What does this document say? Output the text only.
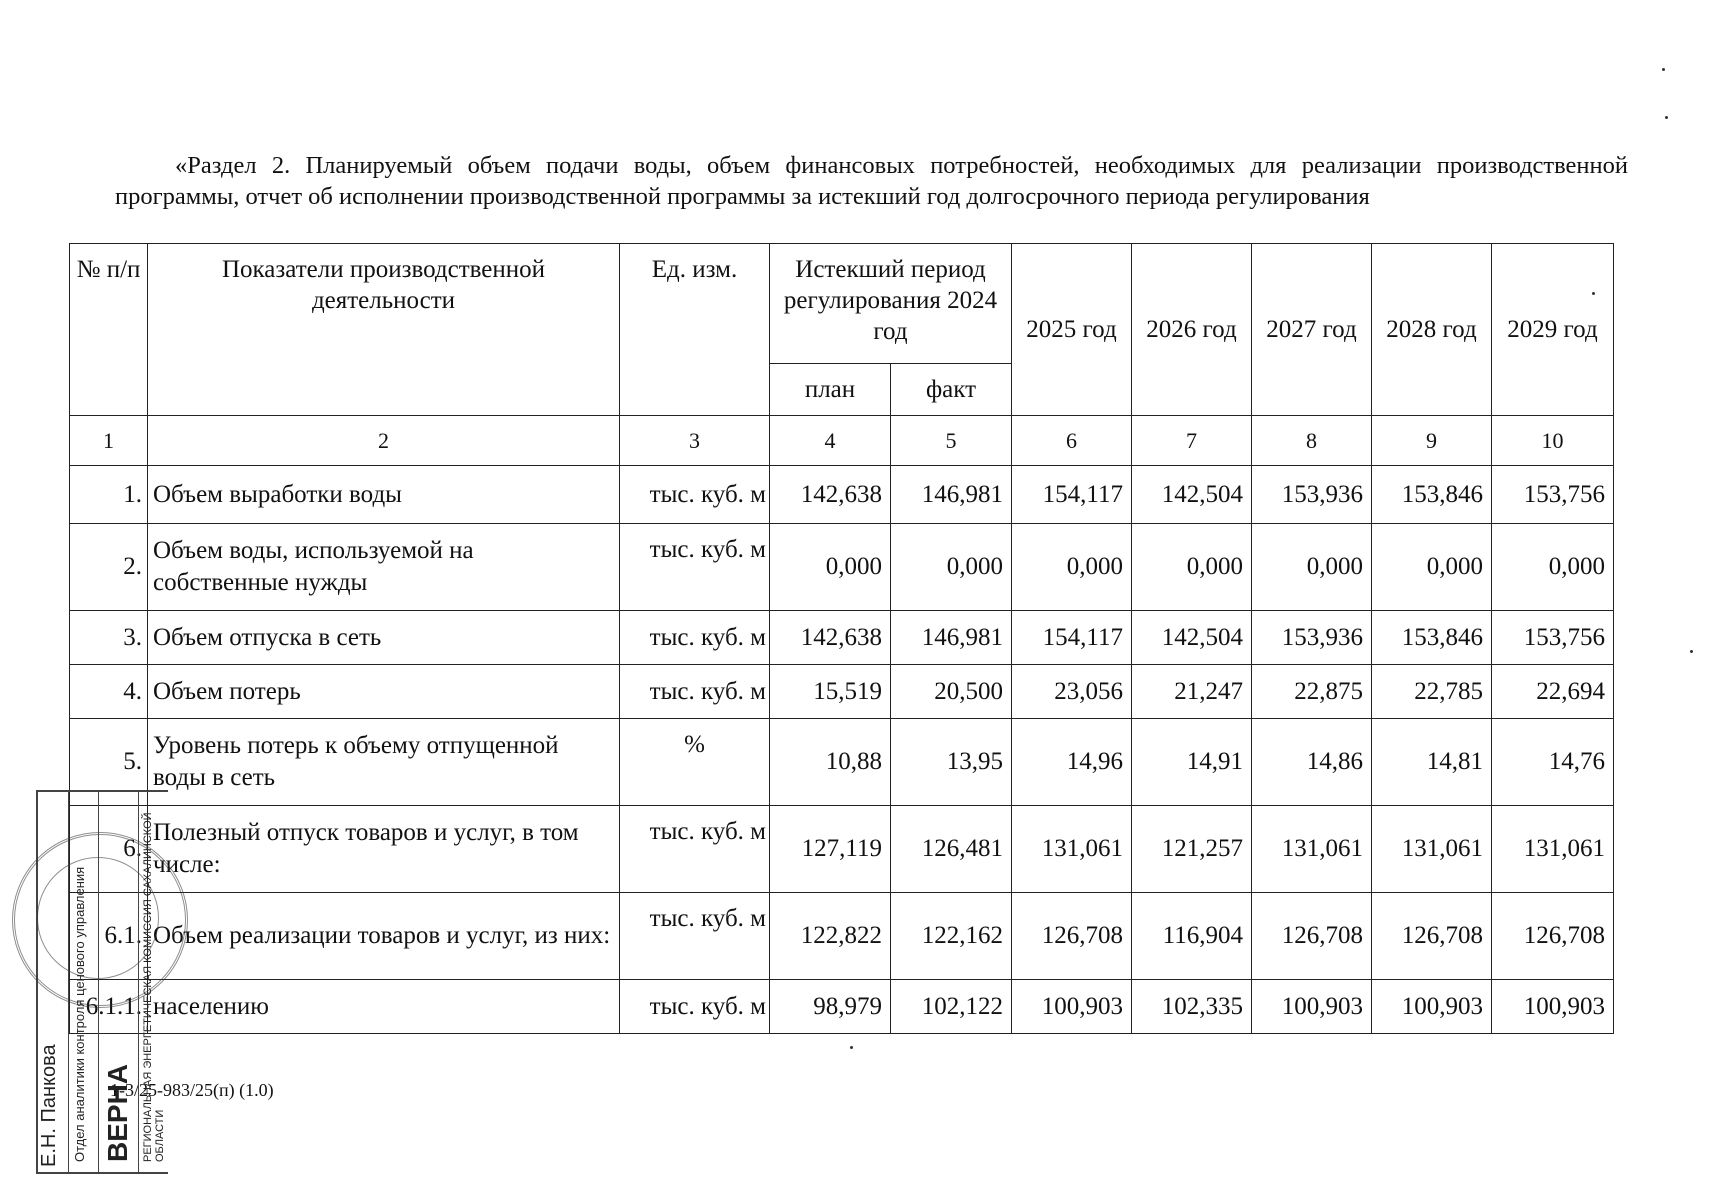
«Раздел 2. Планируемый объем подачи воды, объем финансовых потребностей, необходимых для реализации производственной программы, отчет об исполнении производственной программы за истекший год долгосрочного периода регулирования
№ п/п	Показатели производственной деятельности	Ед. изм.	Истекший период регулирования 2024 год		2025 год	2026 год	2027 год	2028 год	2029 год
			план	факт					
1	2	3	4	5	6	7	8	9	10
1.	Объем выработки воды	тыс. куб. м	142,638	146,981	154,117	142,504	153,936	153,846	153,756
2.	Объем воды, используемой на собственные нужды	тыс. куб. м	0,000	0,000	0,000	0,000	0,000	0,000	0,000
3.	Объем отпуска в сеть	тыс. куб. м	142,638	146,981	154,117	142,504	153,936	153,846	153,756
4.	Объем потерь	тыс. куб. м	15,519	20,500	23,056	21,247	22,875	22,785	22,694
5.	Уровень потерь к объему отпущенной воды в сеть	%	10,88	13,95	14,96	14,91	14,86	14,81	14,76
6.	Полезный отпуск товаров и услуг, в том числе:	тыс. куб. м	127,119	126,481	131,061	121,257	131,061	131,061	131,061
6.1.	Объем реализации товаров и услуг, из них:	тыс. куб. м	122,822	122,162	126,708	116,904	126,708	126,708	126,708
6.1.1.	населению	тыс. куб. м	98,979	102,122	100,903	102,335	100,903	100,903	100,903
1-3/25-983/25(п) (1.0)
Е.Н. Панкова Отдел аналитики контроля ценового управления ВЕРНА РЕГИОНАЛЬНАЯ ЭНЕРГЕТИЧЕСКАЯ КОМИССИЯ САХАЛИНСКОЙ ОБЛАСТИ
